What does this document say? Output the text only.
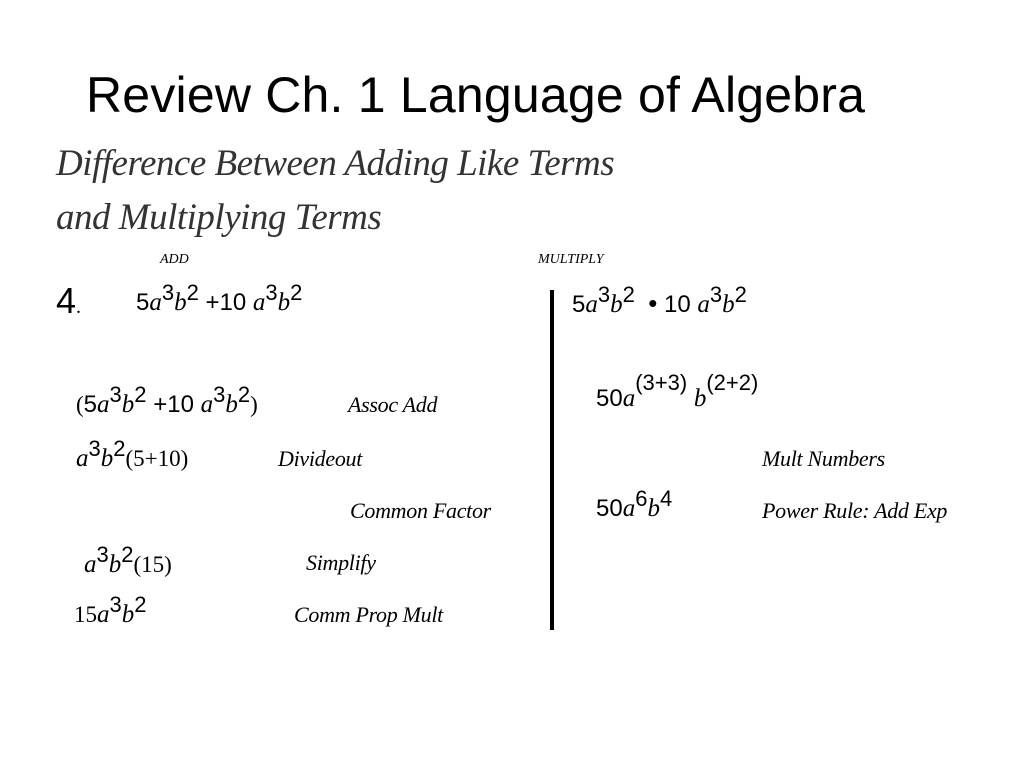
Review Ch. 1 Language of Algebra
Difference Between Adding Like Terms
and Multiplying Terms
ADD	MULTIPLY
4. 5a3b2 +10 a3b2
(5a3b2 +10 a3b2)	Assoc Add
a3b2(5+10)	Divideout
Common Factor
a3b2(15)	Simplify
15a3b2	Comm Prop Mult
5a3b2 • 10 a3b2
50a(3+3) b(2+2)
Mult Numbers
50a6b4	Power Rule: Add Exp
